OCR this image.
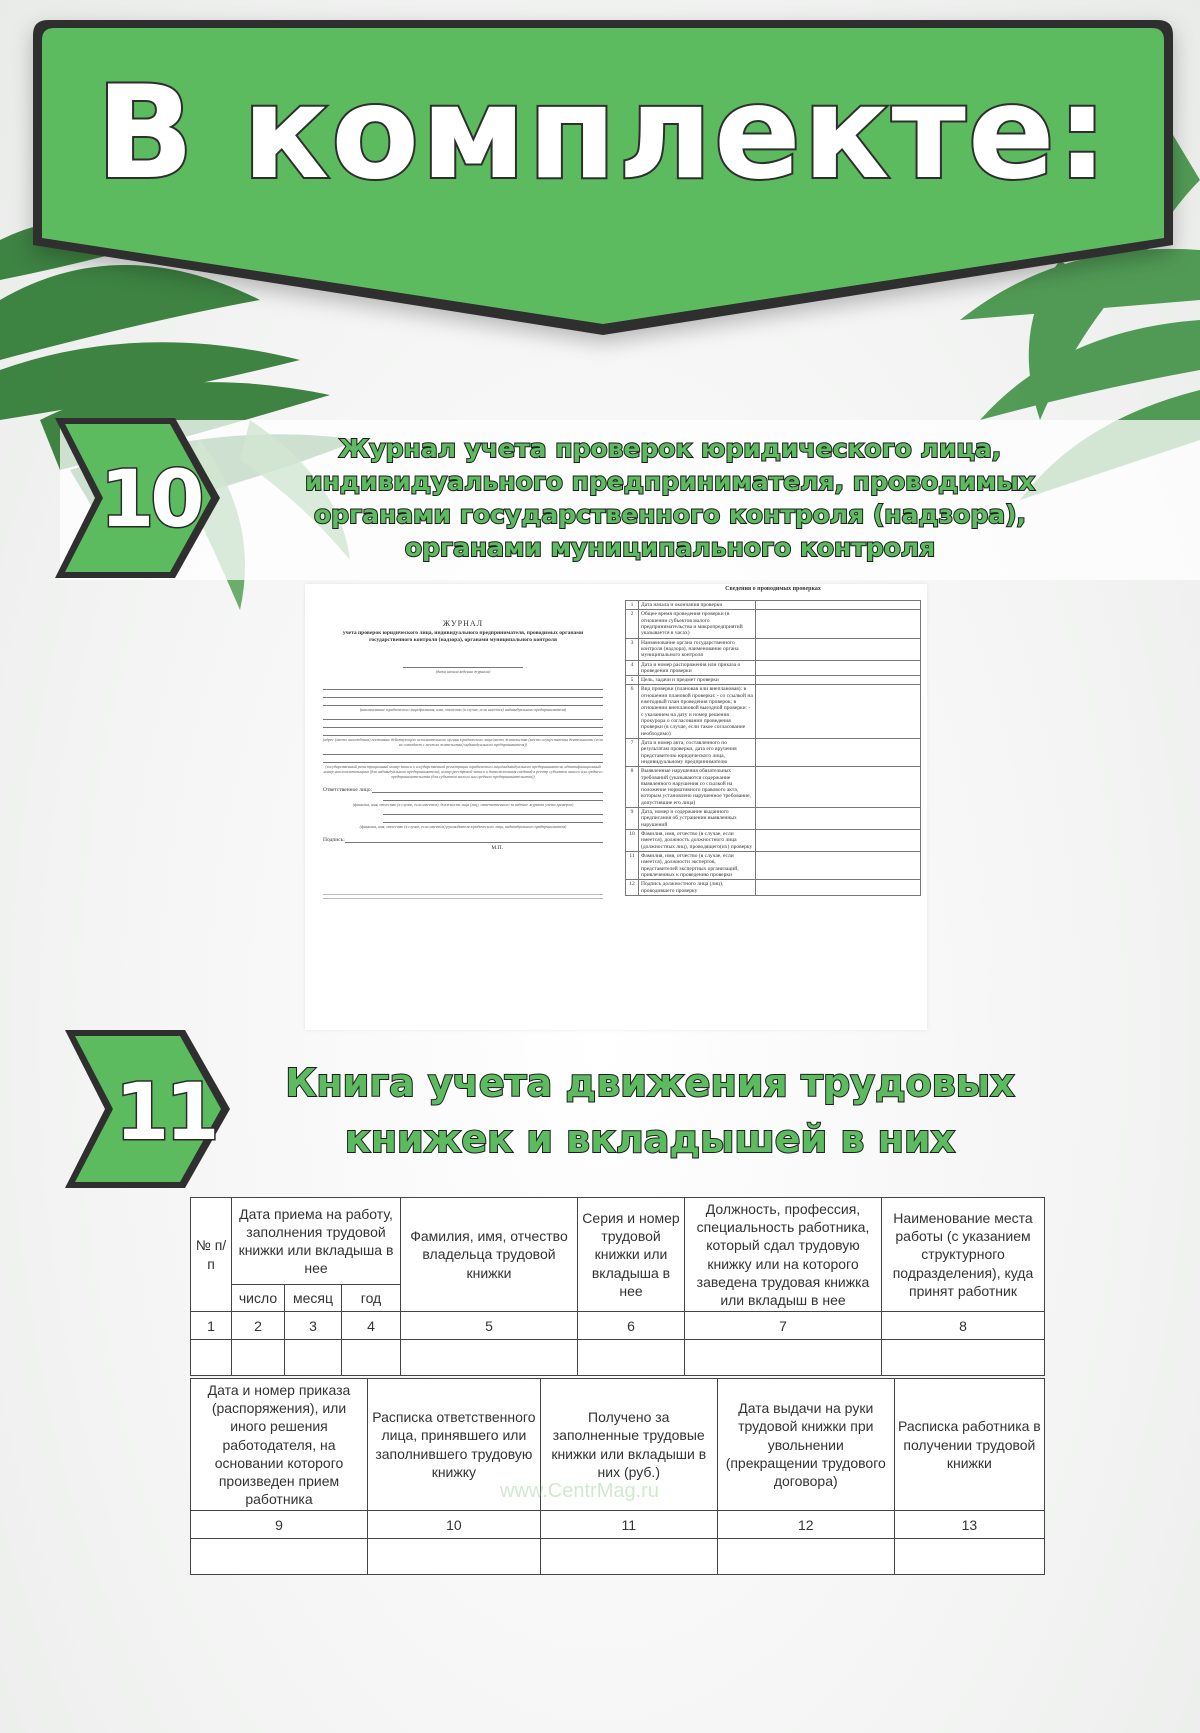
В комплекте:
10
Журнал учета проверок юридического лица,
индивидуального предпринимателя, проводимых
органами государственного контроля (надзора),
органами муниципального контроля
ЖУРНАЛ
учета проверок юридического лица, индивидуального предпринимателя, проводимых органами государственного контроля (надзора), органами муниципального контроля
(дата начала ведения журнала)
(наименование юридического лица/фамилия, имя, отчество (в случае, если имеется) индивидуального предпринимателя)
(адрес (место нахождения) постоянно действующего исполнительного органа юридического лица/место жительства (место осуществления деятельности (если не совпадает с местом жительства) индивидуального предпринимателя))
(государственный регистрационный номер записи о государственной регистрации юридического лица/индивидуального предпринимателя, идентификационный номер налогоплательщика (для индивидуального предпринимателя); номер реестровой записи и дата включения сведений в реестр субъектов малого или среднего предпринимательства (для субъектов малого или среднего предпринимательства))
Ответственное лицо:
(фамилия, имя, отчество (в случае, если имеется), должность лица (лиц), ответственного за ведение журнала учета проверок)
(фамилия, имя, отчество (в случае, если имеется) руководителя юридического лица, индивидуального предпринимателя)
Подпись:
М.П.
Сведения о проводимых проверках
1	Дата начала и окончания проверки	
2	Общее время проведения проверки (в отношении субъектов малого предпринимательства и микропредприятий указывается в часах)	
3	Наименование органа государственного контроля (надзора), наименование органа муниципального контроля	
4	Дата и номер распоряжения или приказа о проведении проверки	
5	Цель, задачи и предмет проверки	
6	Вид проверки (плановая или внеплановая): в отношении плановой проверки: - со ссылкой на ежегодный план проведения проверок; в отношении внеплановой выездной проверки: - с указанием на дату и номер решения прокурора о согласовании проведения проверки (в случае, если такое согласование необходимо)	
7	Дата и номер акта, составленного по результатам проверки, дата его вручения представителю юридического лица, индивидуальному предпринимателю	
8	Выявленные нарушения обязательных требований (указываются содержание выявленного нарушения со ссылкой на положение нормативного правового акта, которым установлено нарушенное требование, допустившие его лица)	
9	Дата, номер и содержание выданного предписания об устранении выявленных нарушений	
10	Фамилия, имя, отчество (в случае, если имеется), должность должностного лица (должностных лиц), проводящего(их) проверку	
11	Фамилия, имя, отчество (в случае, если имеется), должности экспертов, представителей экспертных организаций, привлеченных к проведению проверки	
12	Подпись должностного лица (лиц), проводившего проверку	
11	Книга учета движения трудовых
книжек и вкладышей в них
№ п/п	Дата приема на работу, заполнения трудовой книжки или вкладыша в нее			Фамилия, имя, отчество владельца трудовой книжки	Серия и номер трудовой книжки или вкладыша в нее	Должность, профессия, специальность работника, который сдал трудовую книжку или на которого заведена трудовая книжка или вкладыш в нее	Наименование места работы (с указанием структурного подразделения), куда принят работник
	число	месяц	год				
1	2	3	4	5	6	7	8

Дата и номер приказа (распоряжения), или иного решения работодателя, на основании которого произведен прием работника	Расписка ответственного лица, принявшего или заполнившего трудовую книжку	Получено за заполненные трудовые книжки или вкладыши в них (руб.)	Дата выдачи на руки трудовой книжки при увольнении (прекращении трудового договора)	Расписка работника в получении трудовой книжки
9	10	11	12	13

www.CentrMag.ru
